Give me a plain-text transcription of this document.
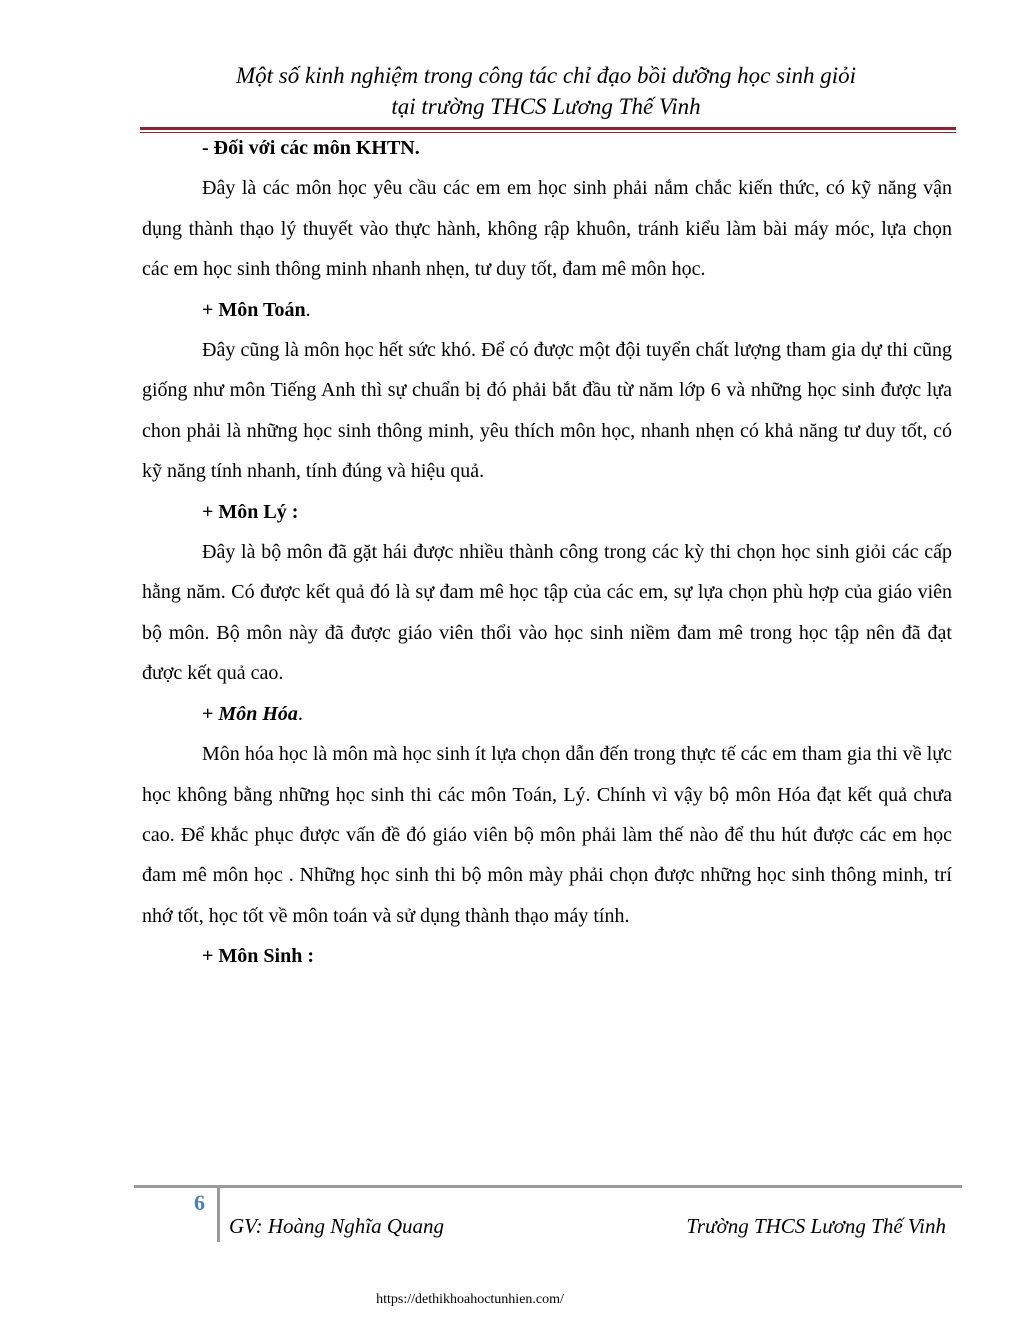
Một số kinh nghiệm trong công tác chỉ đạo bồi dưỡng học sinh giỏi
tại trường THCS Lương Thế Vinh

- Đối với các môn KHTN.

Đây là các môn học yêu cầu các em em học sinh phải nắm chắc kiến thức, có kỹ năng vận dụng thành thạo lý thuyết vào thực hành, không rập khuôn, tránh kiểu làm bài máy móc, lựa chọn các em học sinh thông minh nhanh nhẹn, tư duy tốt, đam mê môn học.

+ Môn Toán.

Đây cũng là môn học hết sức khó. Để có được một đội tuyển chất lượng tham gia dự thi cũng giống như môn Tiếng Anh thì sự chuẩn bị đó phải bắt đầu từ năm lớp 6 và những học sinh được lựa chon phải là những học sinh thông minh, yêu thích môn học, nhanh nhẹn có khả năng tư duy tốt, có kỹ năng tính nhanh, tính đúng và hiệu quả.

+ Môn Lý :

Đây là bộ môn đã gặt hái được nhiều thành công trong các kỳ thi chọn học sinh giỏi các cấp hằng năm. Có được kết quả đó là sự đam mê học tập của các em, sự lựa chọn phù hợp của giáo viên bộ môn. Bộ môn này đã được giáo viên thổi vào học sinh niềm đam mê trong học tập nên đã đạt được kết quả cao.

+ Môn Hóa.

Môn hóa học là môn mà học sinh ít lựa chọn dẫn đến trong thực tế các em tham gia thi về lực học không bằng những học sinh thi các môn Toán, Lý. Chính vì vậy bộ môn Hóa đạt kết quả chưa cao. Để khắc phục được vấn đề đó giáo viên bộ môn phải làm thế nào để thu hút được các em học đam mê môn học . Những học sinh thi bộ môn mày phải chọn được những học sinh thông minh, trí nhớ tốt, học tốt về môn toán và sử dụng thành thạo máy tính.

+ Môn Sinh :

6
GV: Hoàng Nghĩa Quang	Trường THCS Lương Thế Vinh
https://dethikhoahoctunhien.com/
